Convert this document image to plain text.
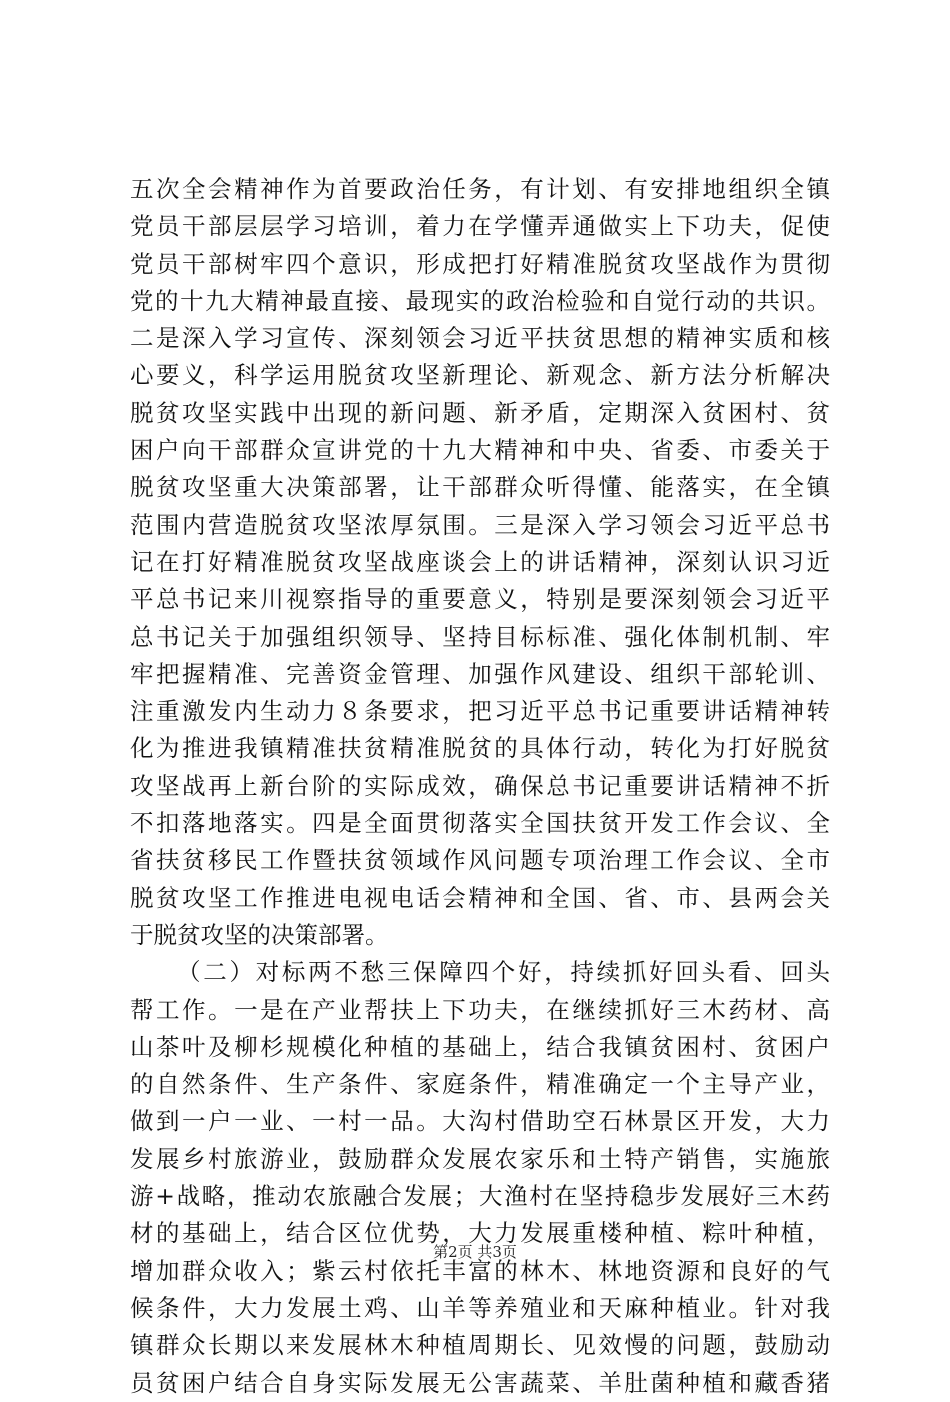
五次全会精神作为首要政治任务，有计划、有安排地组织全镇
党员干部层层学习培训，着力在学懂弄通做实上下功夫，促使
党员干部树牢四个意识，形成把打好精准脱贫攻坚战作为贯彻
党的十九大精神最直接、最现实的政治检验和自觉行动的共识。
二是深入学习宣传、深刻领会习近平扶贫思想的精神实质和核
心要义，科学运用脱贫攻坚新理论、新观念、新方法分析解决
脱贫攻坚实践中出现的新问题、新矛盾，定期深入贫困村、贫
困户向干部群众宣讲党的十九大精神和中央、省委、市委关于
脱贫攻坚重大决策部署，让干部群众听得懂、能落实，在全镇
范围内营造脱贫攻坚浓厚氛围。三是深入学习领会习近平总书
记在打好精准脱贫攻坚战座谈会上的讲话精神，深刻认识习近
平总书记来川视察指导的重要意义，特别是要深刻领会习近平
总书记关于加强组织领导、坚持目标标准、强化体制机制、牢
牢把握精准、完善资金管理、加强作风建设、组织干部轮训、
注重激发内生动力８条要求，把习近平总书记重要讲话精神转
化为推进我镇精准扶贫精准脱贫的具体行动，转化为打好脱贫
攻坚战再上新台阶的实际成效，确保总书记重要讲话精神不折
不扣落地落实。四是全面贯彻落实全国扶贫开发工作会议、全
省扶贫移民工作暨扶贫领域作风问题专项治理工作会议、全市
脱贫攻坚工作推进电视电话会精神和全国、省、市、县两会关
于脱贫攻坚的决策部署。
（二）对标两不愁三保障四个好，持续抓好回头看、回头
帮工作。一是在产业帮扶上下功夫，在继续抓好三木药材、高
山茶叶及柳杉规模化种植的基础上，结合我镇贫困村、贫困户
的自然条件、生产条件、家庭条件，精准确定一个主导产业，
做到一户一业、一村一品。大沟村借助空石林景区开发，大力
发展乡村旅游业，鼓励群众发展农家乐和土特产销售，实施旅
游+战略，推动农旅融合发展；大渔村在坚持稳步发展好三木药
材的基础上，结合区位优势，大力发展重楼种植、粽叶种植，
增加群众收入；紫云村依托丰富的林木、林地资源和良好的气
候条件，大力发展土鸡、山羊等养殖业和天麻种植业。针对我
镇群众长期以来发展林木种植周期长、见效慢的问题，鼓励动
员贫困户结合自身实际发展无公害蔬菜、羊肚菌种植和藏香猪
第2页 共3页
